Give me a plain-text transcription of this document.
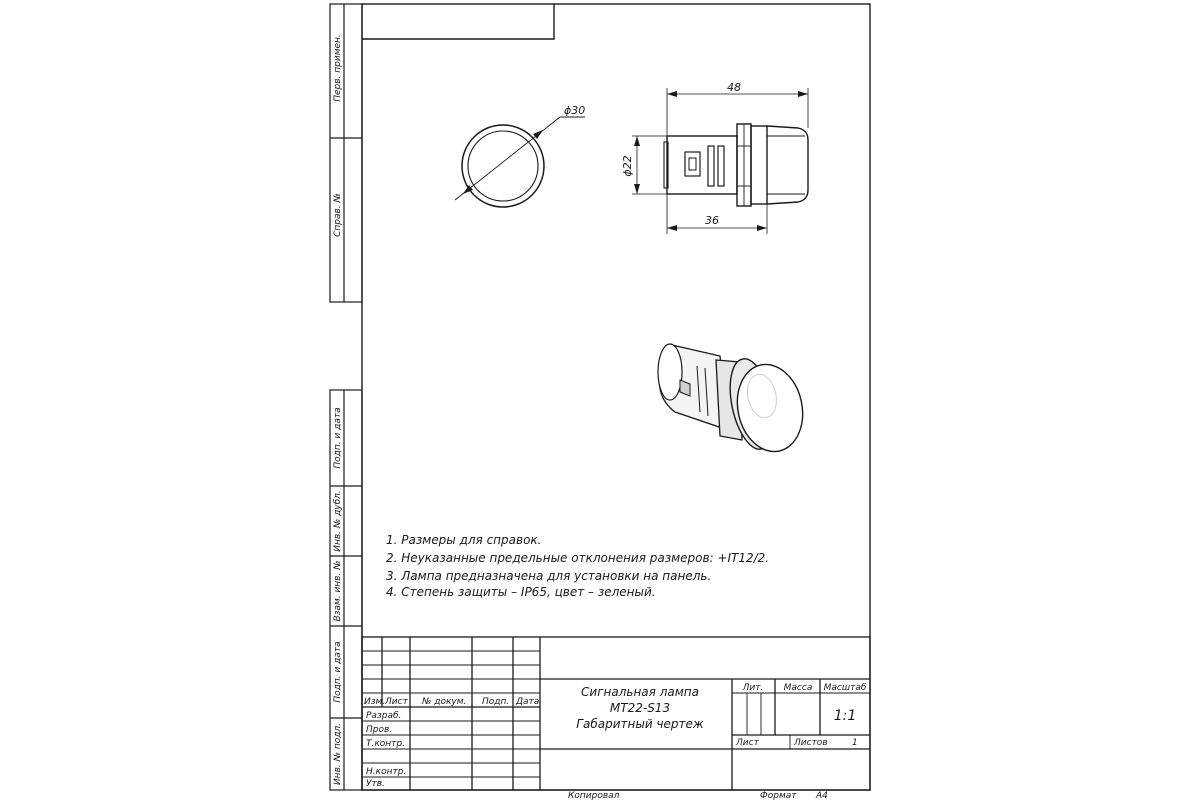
Перв. примен.
Справ. №
Подп. и дата
Инв. № дубл.
Взам. инв. №
Подп. и дата
Инв. № подл.
ϕ30
48
36
ϕ22
1. Размеры для справок.
2. Неуказанные предельные отклонения размеров: +IT12/2.
3. Лампа предназначена для установки на панель.
4. Степень защиты – IP65, цвет – зеленый.
Изм. Лист № докум. Подп. Дата
Разраб.
Пров.
Т.контр.
Н.контр.
Утв.
Сигнальная лампа
MT22-S13
Габаритный чертеж
Лит. Масса Масштаб
1:1
Лист	Листов	1
Копировал	Формат А4
